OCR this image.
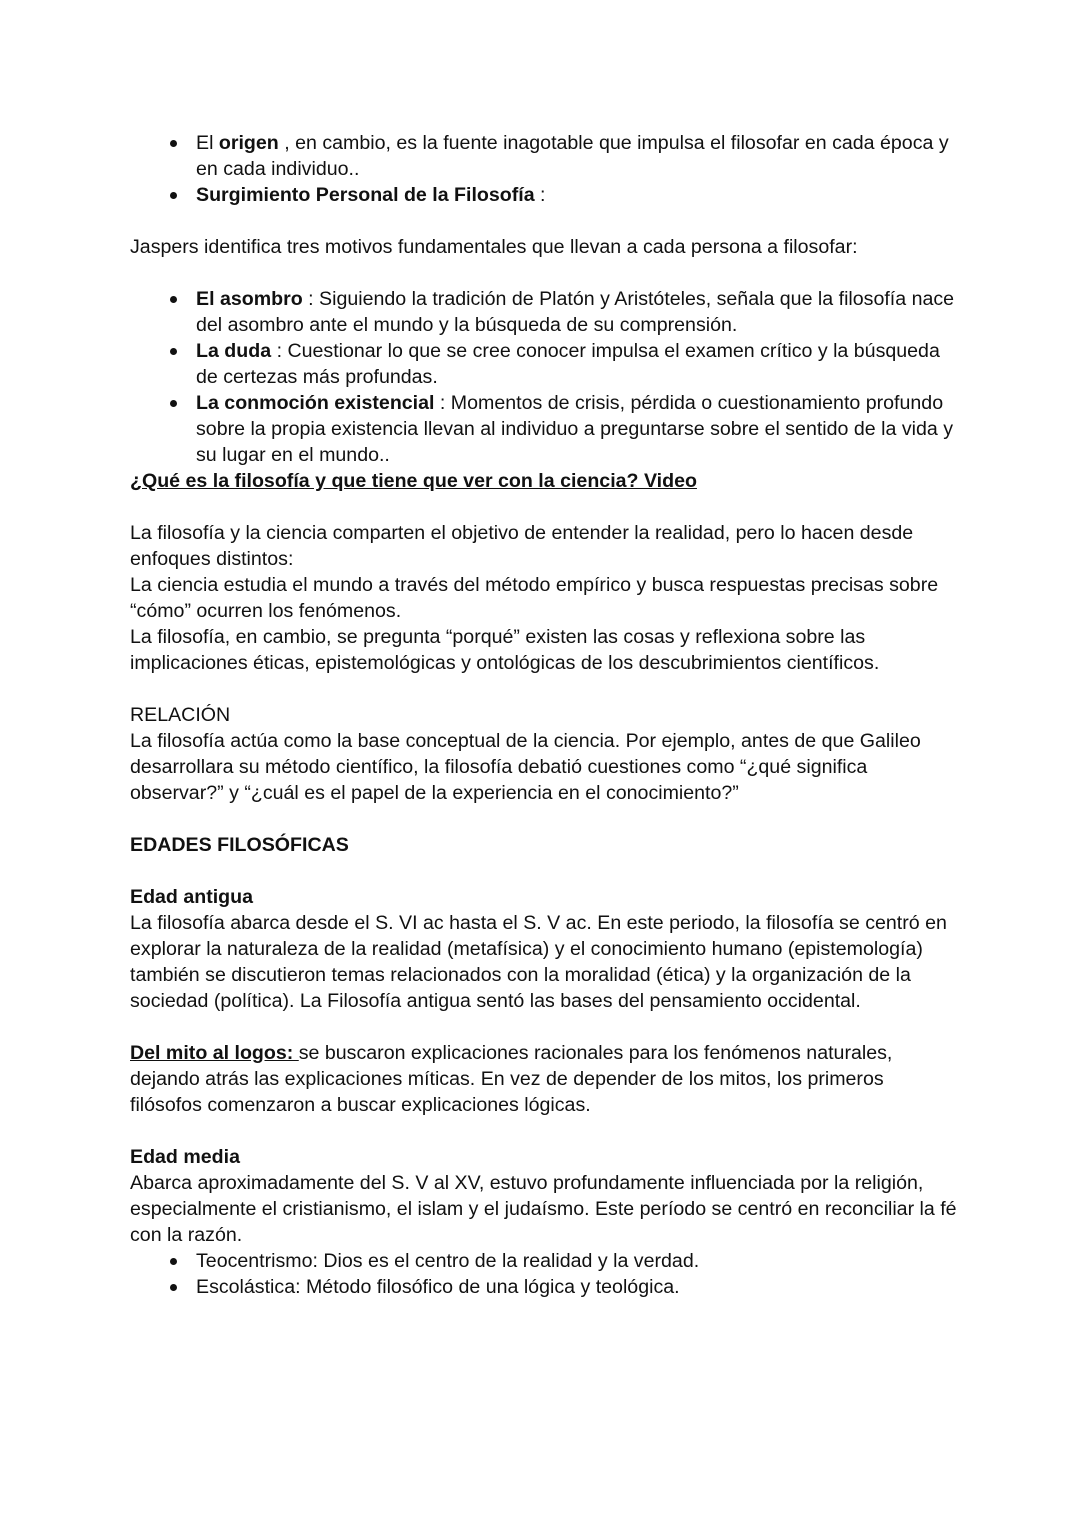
El origen , en cambio, es la fuente inagotable que impulsa el filosofar en cada época y en cada individuo..
Surgimiento Personal de la Filosofía :

Jaspers identifica tres motivos fundamentales que llevan a cada persona a filosofar:

El asombro : Siguiendo la tradición de Platón y Aristóteles, señala que la filosofía nace del asombro ante el mundo y la búsqueda de su comprensión.
La duda : Cuestionar lo que se cree conocer impulsa el examen crítico y la búsqueda de certezas más profundas.
La conmoción existencial : Momentos de crisis, pérdida o cuestionamiento profundo sobre la propia existencia llevan al individuo a preguntarse sobre el sentido de la vida y su lugar en el mundo..

¿Qué es la filosofía y que tiene que ver con la ciencia? Video

La filosofía y la ciencia comparten el objetivo de entender la realidad, pero lo hacen desde enfoques distintos:

La ciencia estudia el mundo a través del método empírico y busca respuestas precisas sobre “cómo” ocurren los fenómenos.

La filosofía, en cambio, se pregunta “porqué” existen las cosas y reflexiona sobre las implicaciones éticas, epistemológicas y ontológicas de los descubrimientos científicos.

RELACIÓN

La filosofía actúa como la base conceptual de la ciencia. Por ejemplo, antes de que Galileo desarrollara su método científico, la filosofía debatió cuestiones como “¿qué significa observar?” y “¿cuál es el papel de la experiencia en el conocimiento?”

EDADES FILOSÓFICAS

Edad antigua

La filosofía abarca desde el S. VI ac hasta el S. V ac. En este periodo, la filosofía se centró en explorar la naturaleza de la realidad (metafísica) y el conocimiento humano (epistemología) también se discutieron temas relacionados con la moralidad (ética) y la organización de la sociedad (política). La Filosofía antigua sentó las bases del pensamiento occidental.

Del mito al logos: se buscaron explicaciones racionales para los fenómenos naturales, dejando atrás las explicaciones míticas. En vez de depender de los mitos, los primeros filósofos comenzaron a buscar explicaciones lógicas.

Edad media

Abarca aproximadamente del S. V al XV, estuvo profundamente influenciada por la religión, especialmente el cristianismo, el islam y el judaísmo. Este período se centró en reconciliar la fé con la razón.

Teocentrismo: Dios es el centro de la realidad y la verdad.
Escolástica: Método filosófico de una lógica y teológica.
